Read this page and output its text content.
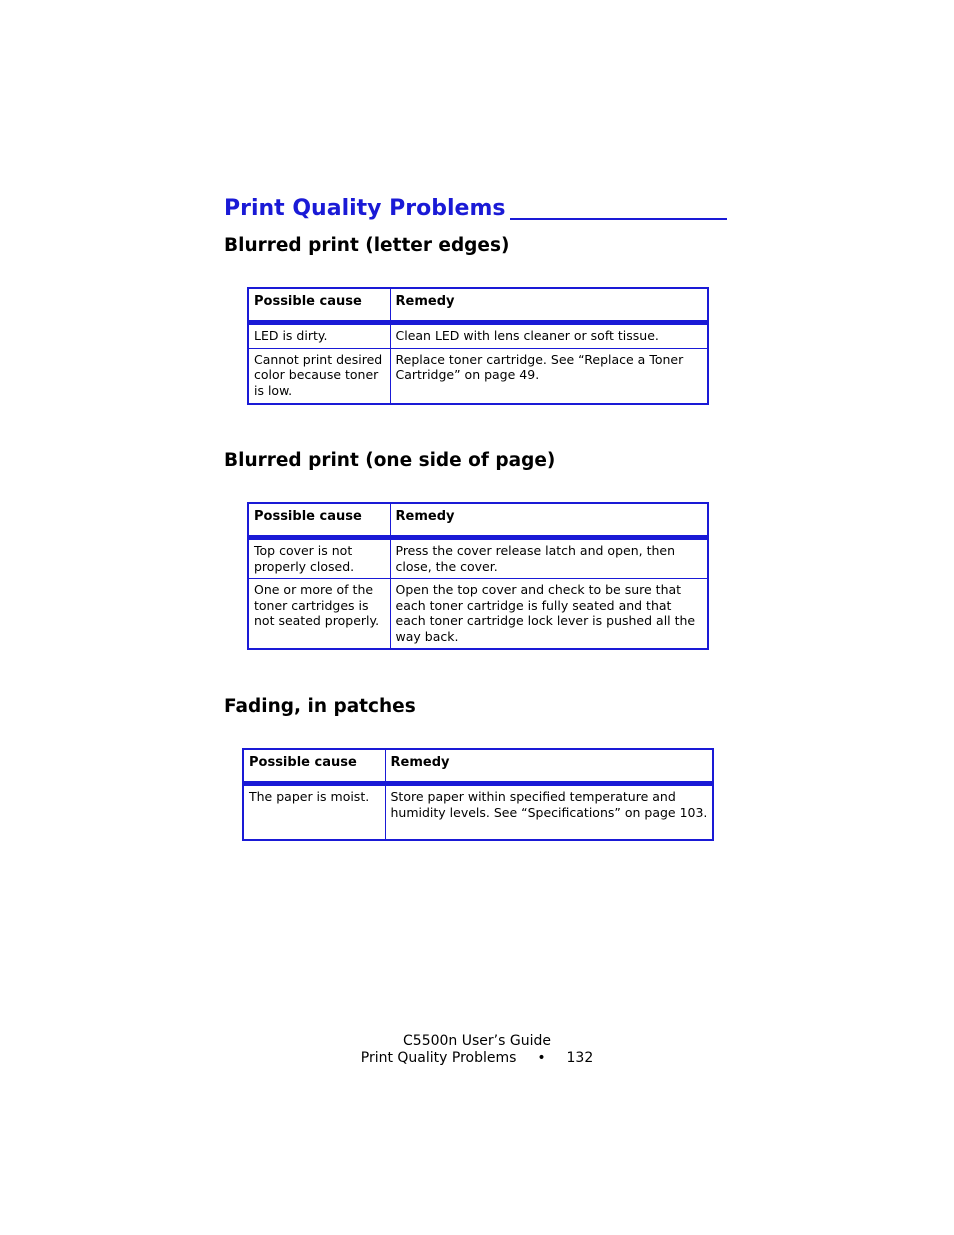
Print Quality Problems
Blurred print (letter edges)
Possible cause	Remedy
LED is dirty.	Clean LED with lens cleaner or soft tissue.
Cannot print desired color because toner is low.	Replace toner cartridge. See “Replace a Toner Cartridge” on page 49.
Blurred print (one side of page)
Possible cause	Remedy
Top cover is not properly closed.	Press the cover release latch and open, then close, the cover.
One or more of the toner cartridges is not seated properly.	Open the top cover and check to be sure that each toner cartridge is fully seated and that each toner cartridge lock lever is pushed all the way back.
Fading, in patches
Possible cause	Remedy
The paper is moist.	Store paper within specified temperature and humidity levels. See “Specifications” on page 103.
C5500n User’s Guide
Print Quality Problems • 132
